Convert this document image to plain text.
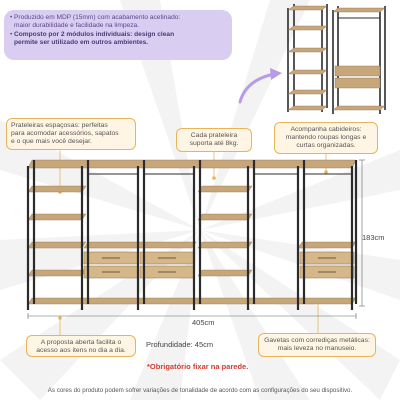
• Produzido em MDP (15mm) com acabamento acetinado:
maior durabilidade e facilidade na limpeza.
• Composto por 2 módulos individuais: design clean
permite ser utilizado em outros ambientes.
Prateleiras espaçosas: perfeitas
para acomodar acessórios, sapatos
e o que mais você desejar.
Cada prateleira
suporta até 8kg.
Acompanha cabideiros:
mantendo roupas longas e
curtas organizadas.
A proposta aberta facilita o
acesso aos itens no dia a dia.
Gavetas com corrediças metálicas:
mais leveza no manuseio.
405cm
183cm
Profundidade: 45cm
*Obrigatório fixar na parede.
As cores do produto podem sofrer variações de tonalidade de acordo com as configurações do seu dispositivo.
